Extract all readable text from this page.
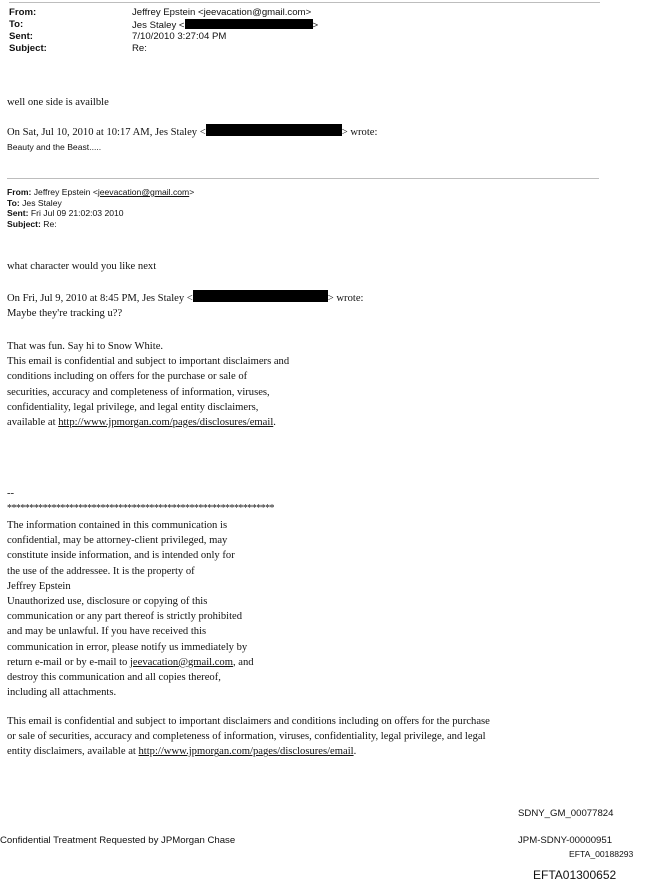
From:	Jeffrey Epstein <jeevacation@gmail.com>
To:	Jes Staley <	>
Sent:	7/10/2010 3:27:04 PM
Subject:	Re:
well one side is availble
On Sat, Jul 10, 2010 at 10:17 AM, Jes Staley <	> wrote:
Beauty and the Beast.....
From: Jeffrey Epstein <jeevacation@gmail.com>
To: Jes Staley
Sent: Fri Jul 09 21:02:03 2010
Subject: Re:
what character would you like next
On Fri, Jul 9, 2010 at 8:45 PM, Jes Staley <	> wrote:
Maybe they're tracking u??
That was fun. Say hi to Snow White.
This email is confidential and subject to important disclaimers and
conditions including on offers for the purchase or sale of
securities, accuracy and completeness of information, viruses,
confidentiality, legal privilege, and legal entity disclaimers,
available at http://www.jpmorgan.com/pages/disclosures/email.
--
************************************************************
The information contained in this communication is
confidential, may be attorney-client privileged, may
constitute inside information, and is intended only for
the use of the addressee. It is the property of
Jeffrey Epstein
Unauthorized use, disclosure or copying of this
communication or any part thereof is strictly prohibited
and may be unlawful. If you have received this
communication in error, please notify us immediately by
return e-mail or by e-mail to jeevacation@gmail.com, and
destroy this communication and all copies thereof,
including all attachments.
This email is confidential and subject to important disclaimers and conditions including on offers for the purchase
or sale of securities, accuracy and completeness of information, viruses, confidentiality, legal privilege, and legal
entity disclaimers, available at http://www.jpmorgan.com/pages/disclosures/email.
SDNY_GM_00077824
Confidential Treatment Requested by JPMorgan Chase	JPM-SDNY-00000951
EFTA_00188293
EFTA01300652
